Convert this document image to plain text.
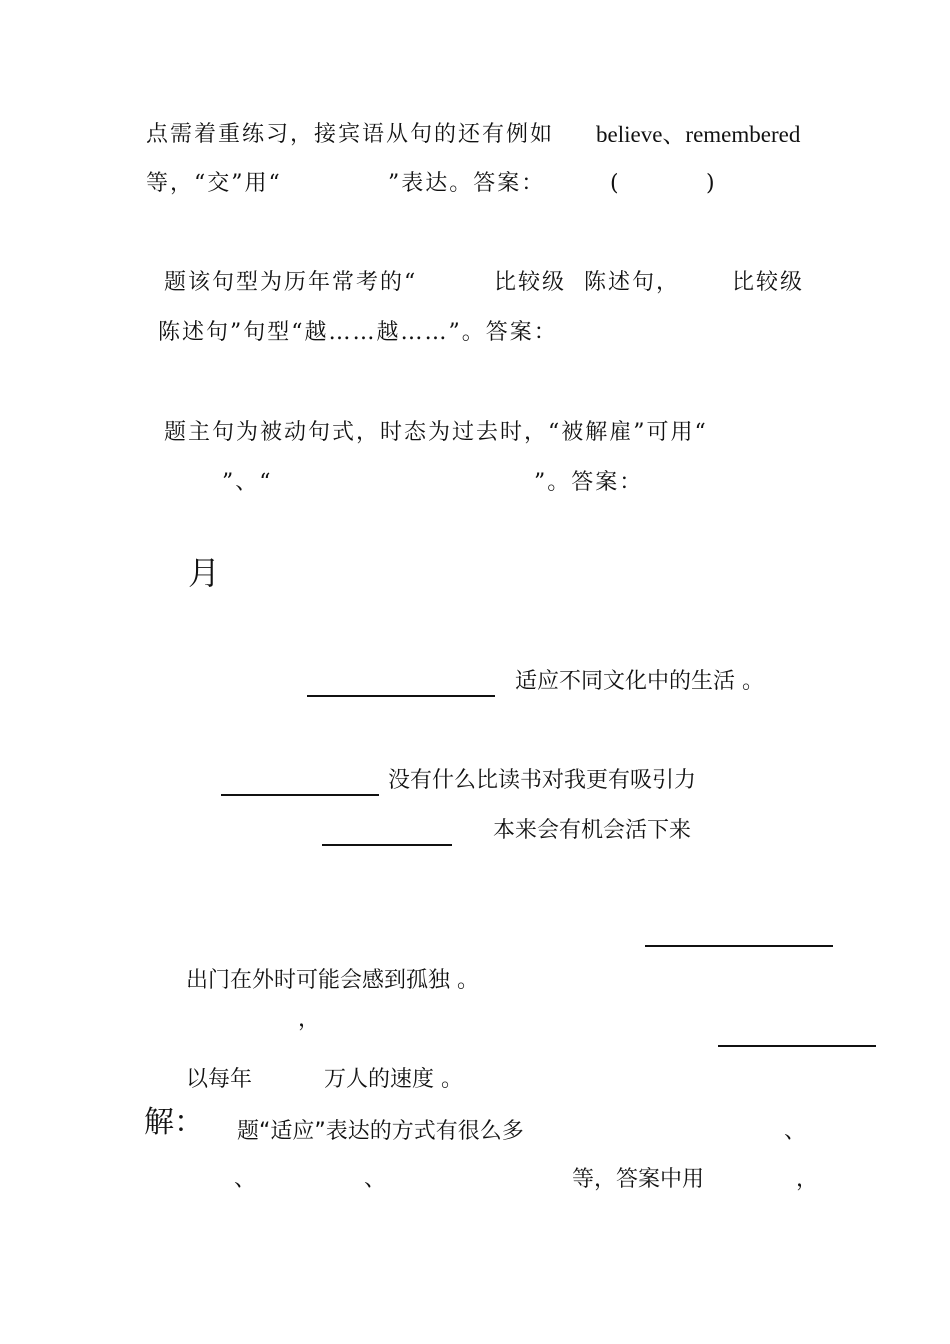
点需着重练习，接宾语从句的还有例如 believe、remembered
等，“交”用“	”表达。答案：	(	)
题该句型为历年常考的“	比较级 陈述句， 比较级
陈述句”句型“越……越……”。答案：
题主句为被动句式，时态为过去时，“被解雇”可用“
”、“	”。答案：
月
适应不同文化中的生活 。
没有什么比读书对我更有吸引力
本来会有机会活下来
出门在外时可能会感到孤独 。
，
以每年	万人的速度 。
解： 题“适应”表达的方式有很么多	、
、	、	等，答案中用	，
